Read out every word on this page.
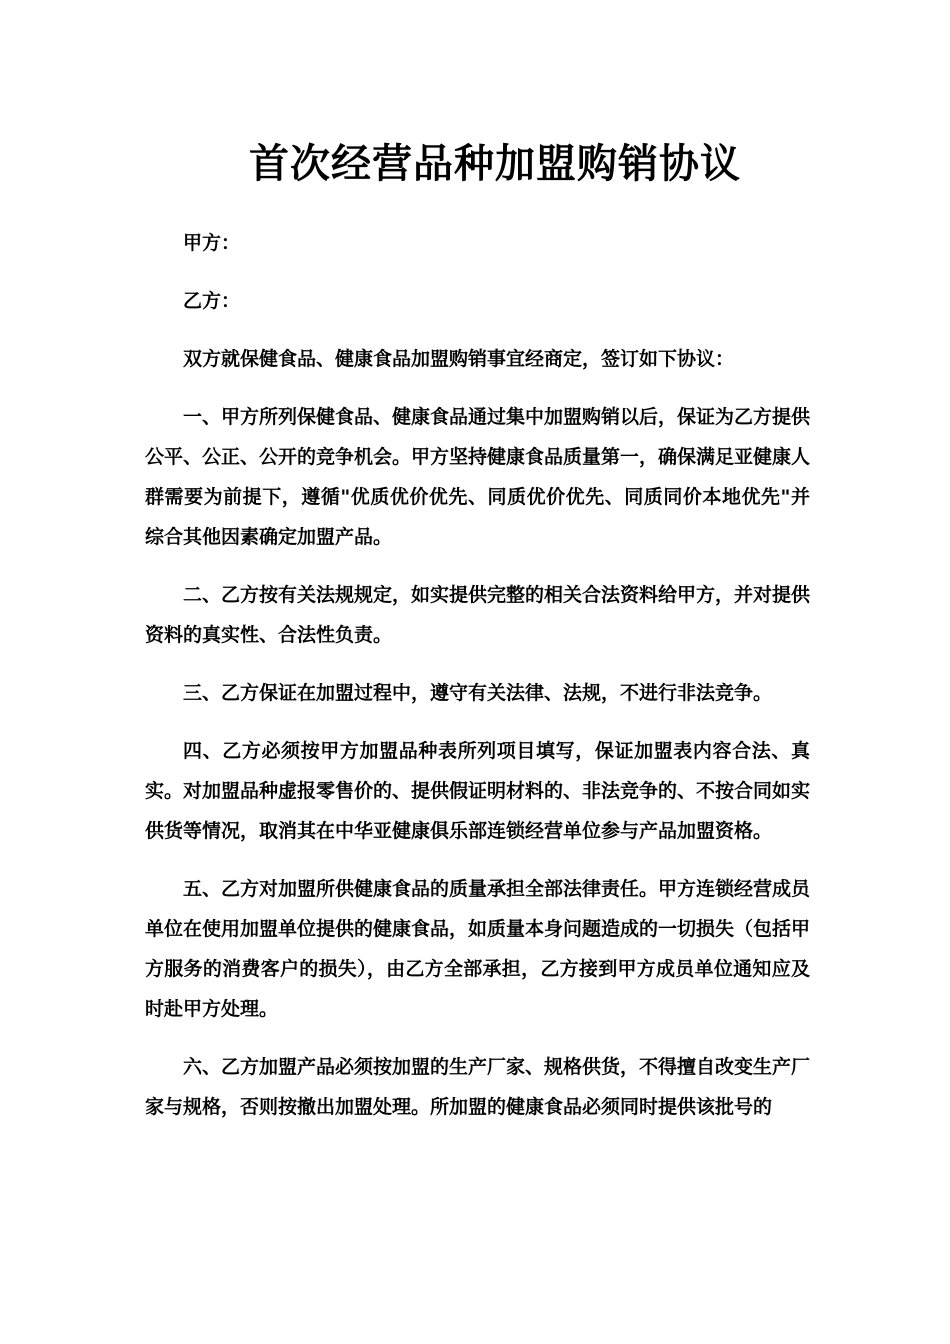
首次经营品种加盟购销协议

甲方：

乙方：

双方就保健食品、健康食品加盟购销事宜经商定，签订如下协议：

一、甲方所列保健食品、健康食品通过集中加盟购销以后，保证为乙方提供公平、公正、公开的竞争机会。甲方坚持健康食品质量第一，确保满足亚健康人群需要为前提下，遵循"优质优价优先、同质优价优先、同质同价本地优先"并综合其他因素确定加盟产品。

二、乙方按有关法规规定，如实提供完整的相关合法资料给甲方，并对提供资料的真实性、合法性负责。

三、乙方保证在加盟过程中，遵守有关法律、法规，不进行非法竞争。

四、乙方必须按甲方加盟品种表所列项目填写，保证加盟表内容合法、真实。对加盟品种虚报零售价的、提供假证明材料的、非法竞争的、不按合同如实供货等情况，取消其在中华亚健康俱乐部连锁经营单位参与产品加盟资格。

五、乙方对加盟所供健康食品的质量承担全部法律责任。甲方连锁经营成员单位在使用加盟单位提供的健康食品，如质量本身问题造成的一切损失（包括甲方服务的消费客户的损失），由乙方全部承担，乙方接到甲方成员单位通知应及时赴甲方处理。

六、乙方加盟产品必须按加盟的生产厂家、规格供货，不得擅自改变生产厂家与规格，否则按撤出加盟处理。所加盟的健康食品必须同时提供该批号的
